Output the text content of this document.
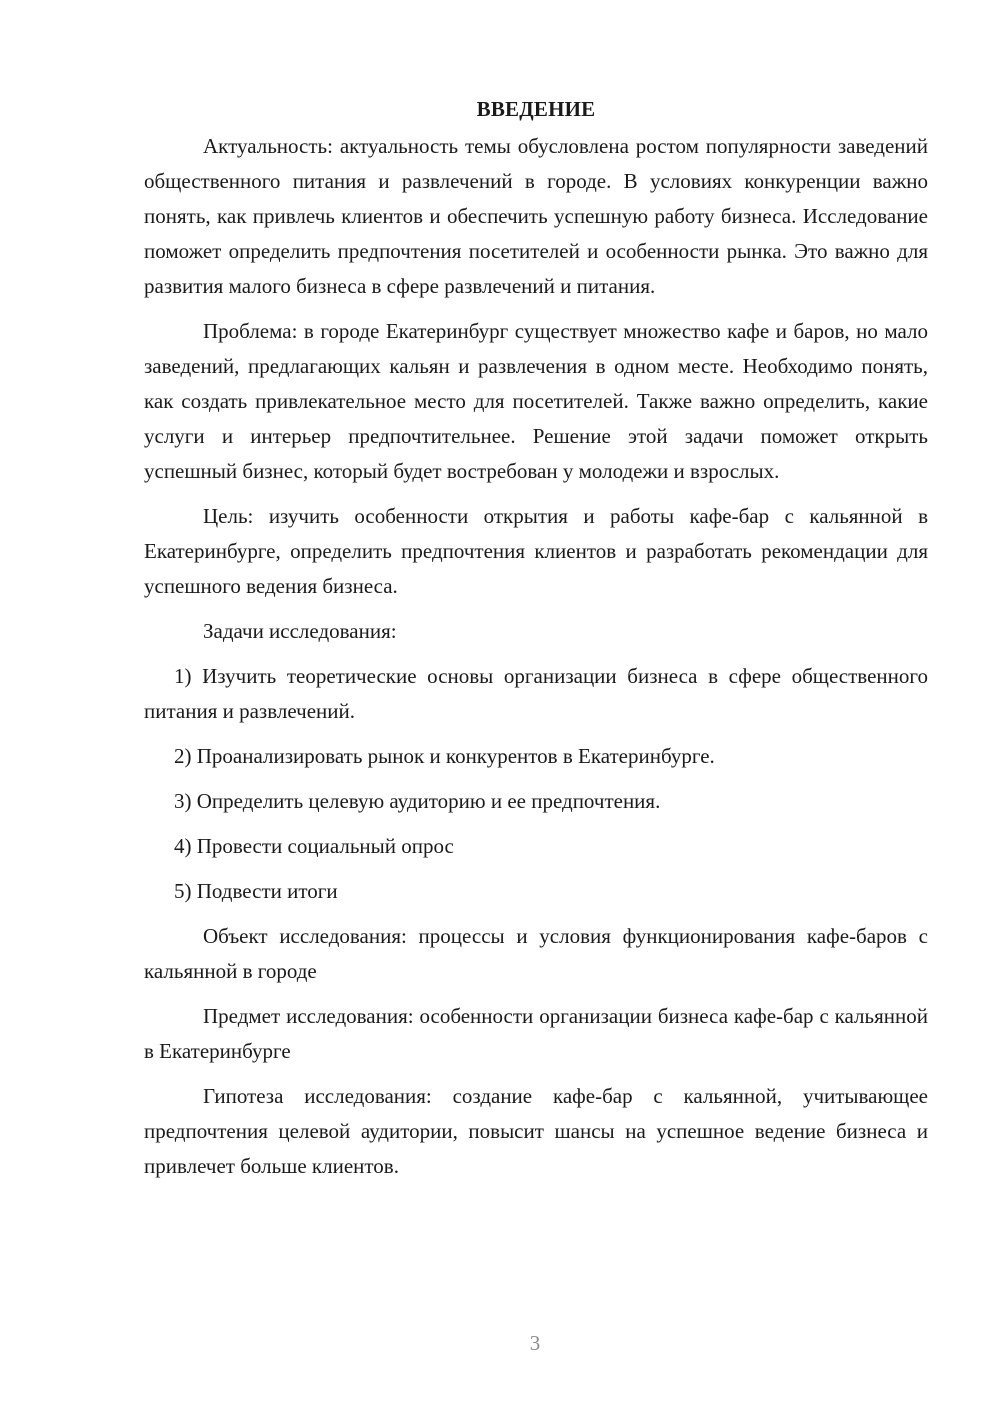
ВВЕДЕНИЕ

Актуальность: актуальность темы обусловлена ростом популярности заведений общественного питания и развлечений в городе. В условиях конкуренции важно понять, как привлечь клиентов и обеспечить успешную работу бизнеса. Исследование поможет определить предпочтения посетителей и особенности рынка. Это важно для развития малого бизнеса в сфере развлечений и питания.

Проблема: в городе Екатеринбург существует множество кафе и баров, но мало заведений, предлагающих кальян и развлечения в одном месте. Необходимо понять, как создать привлекательное место для посетителей. Также важно определить, какие услуги и интерьер предпочтительнее. Решение этой задачи поможет открыть успешный бизнес, который будет востребован у молодежи и взрослых.

Цель: изучить особенности открытия и работы кафе-бар с кальянной в Екатеринбурге, определить предпочтения клиентов и разработать рекомендации для успешного ведения бизнеса.

Задачи исследования:

1) Изучить теоретические основы организации бизнеса в сфере общественного питания и развлечений.

2) Проанализировать рынок и конкурентов в Екатеринбурге.

3) Определить целевую аудиторию и ее предпочтения.

4) Провести социальный опрос

5) Подвести итоги

Объект исследования: процессы и условия функционирования кафе-баров с кальянной в городе

Предмет исследования: особенности организации бизнеса кафе-бар с кальянной в Екатеринбурге

Гипотеза исследования: создание кафе-бар с кальянной, учитывающее предпочтения целевой аудитории, повысит шансы на успешное ведение бизнеса и привлечет больше клиентов.

3
